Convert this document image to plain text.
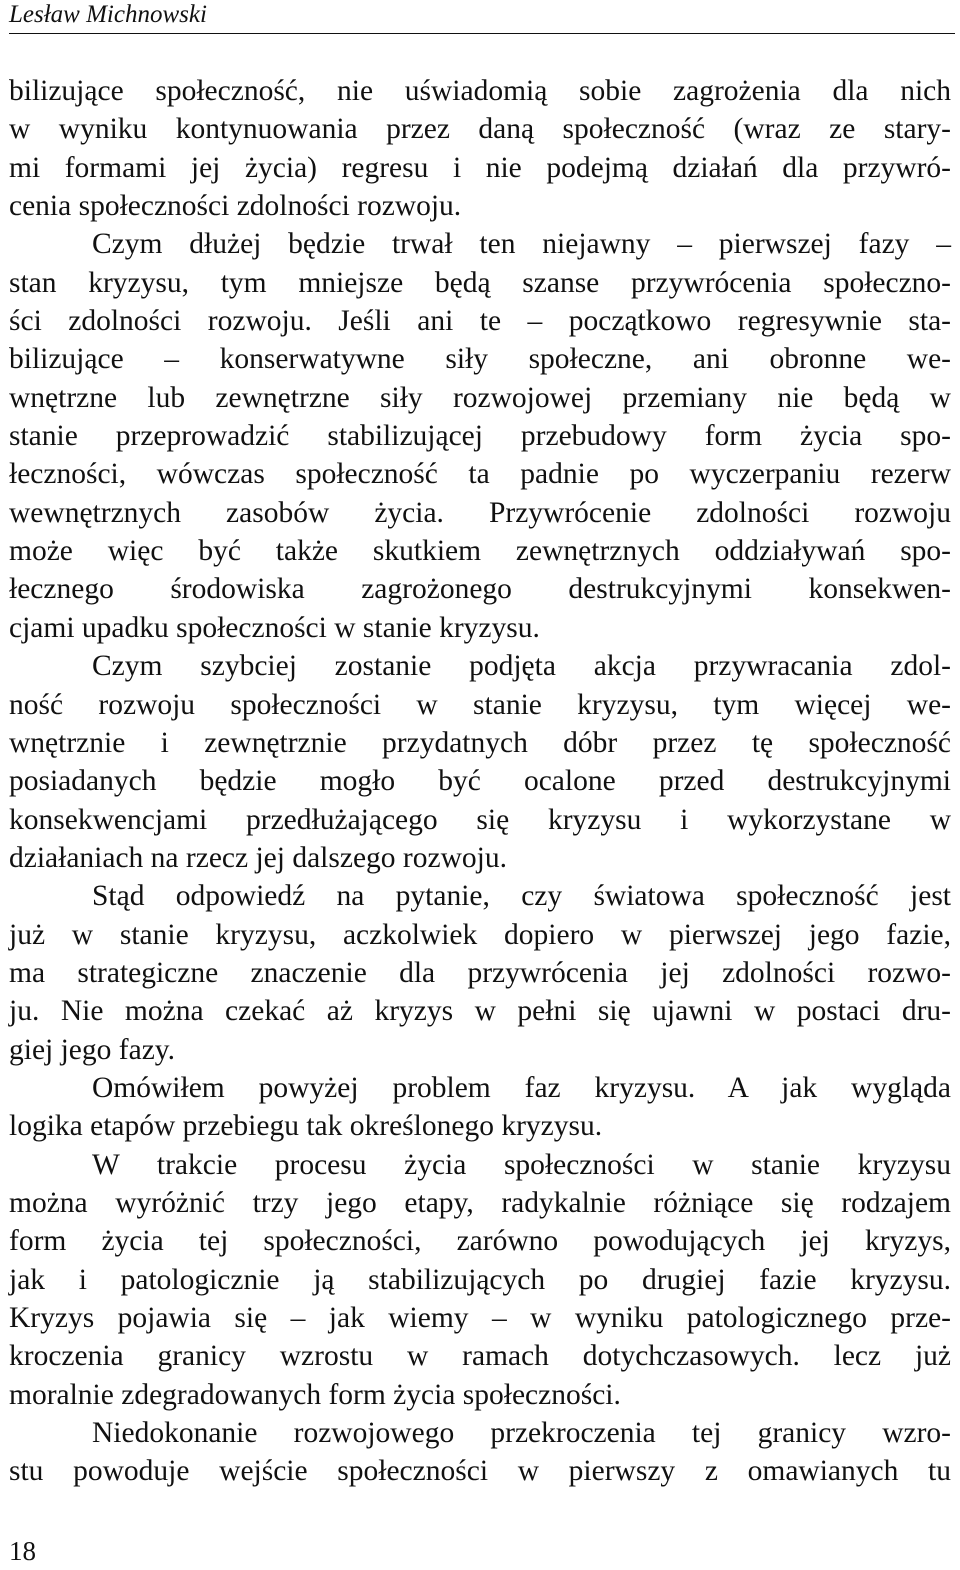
Lesław Michnowski
bilizujące społeczność, nie uświadomią sobie zagrożenia dla nich
w wyniku kontynuowania przez daną społeczność (wraz ze stary-
mi formami jej życia) regresu i nie podejmą działań dla przywró-
cenia społeczności zdolności rozwoju.
Czym dłużej będzie trwał ten niejawny – pierwszej fazy –
stan kryzysu, tym mniejsze będą szanse przywrócenia społeczno-
ści zdolności rozwoju. Jeśli ani te – początkowo regresywnie sta-
bilizujące – konserwatywne siły społeczne, ani obronne we-
wnętrzne lub zewnętrzne siły rozwojowej przemiany nie będą w
stanie przeprowadzić stabilizującej przebudowy form życia spo-
łeczności, wówczas społeczność ta padnie po wyczerpaniu rezerw
wewnętrznych zasobów życia. Przywrócenie zdolności rozwoju
może więc być także skutkiem zewnętrznych oddziaływań spo-
łecznego środowiska zagrożonego destrukcyjnymi konsekwen-
cjami upadku społeczności w stanie kryzysu.
Czym szybciej zostanie podjęta akcja przywracania zdol-
ność rozwoju społeczności w stanie kryzysu, tym więcej we-
wnętrznie i zewnętrznie przydatnych dóbr przez tę społeczność
posiadanych będzie mogło być ocalone przed destrukcyjnymi
konsekwencjami przedłużającego się kryzysu i wykorzystane w
działaniach na rzecz jej dalszego rozwoju.
Stąd odpowiedź na pytanie, czy światowa społeczność jest
już w stanie kryzysu, aczkolwiek dopiero w pierwszej jego fazie,
ma strategiczne znaczenie dla przywrócenia jej zdolności rozwo-
ju. Nie można czekać aż kryzys w pełni się ujawni w postaci dru-
giej jego fazy.
Omówiłem powyżej problem faz kryzysu. A jak wygląda
logika etapów przebiegu tak określonego kryzysu.
W trakcie procesu życia społeczności w stanie kryzysu
można wyróżnić trzy jego etapy, radykalnie różniące się rodzajem
form życia tej społeczności, zarówno powodujących jej kryzys,
jak i patologicznie ją stabilizujących po drugiej fazie kryzysu.
Kryzys pojawia się – jak wiemy – w wyniku patologicznego prze-
kroczenia granicy wzrostu w ramach dotychczasowych. lecz już
moralnie zdegradowanych form życia społeczności.
Niedokonanie rozwojowego przekroczenia tej granicy wzro-
stu powoduje wejście społeczności w pierwszy z omawianych tu
18
